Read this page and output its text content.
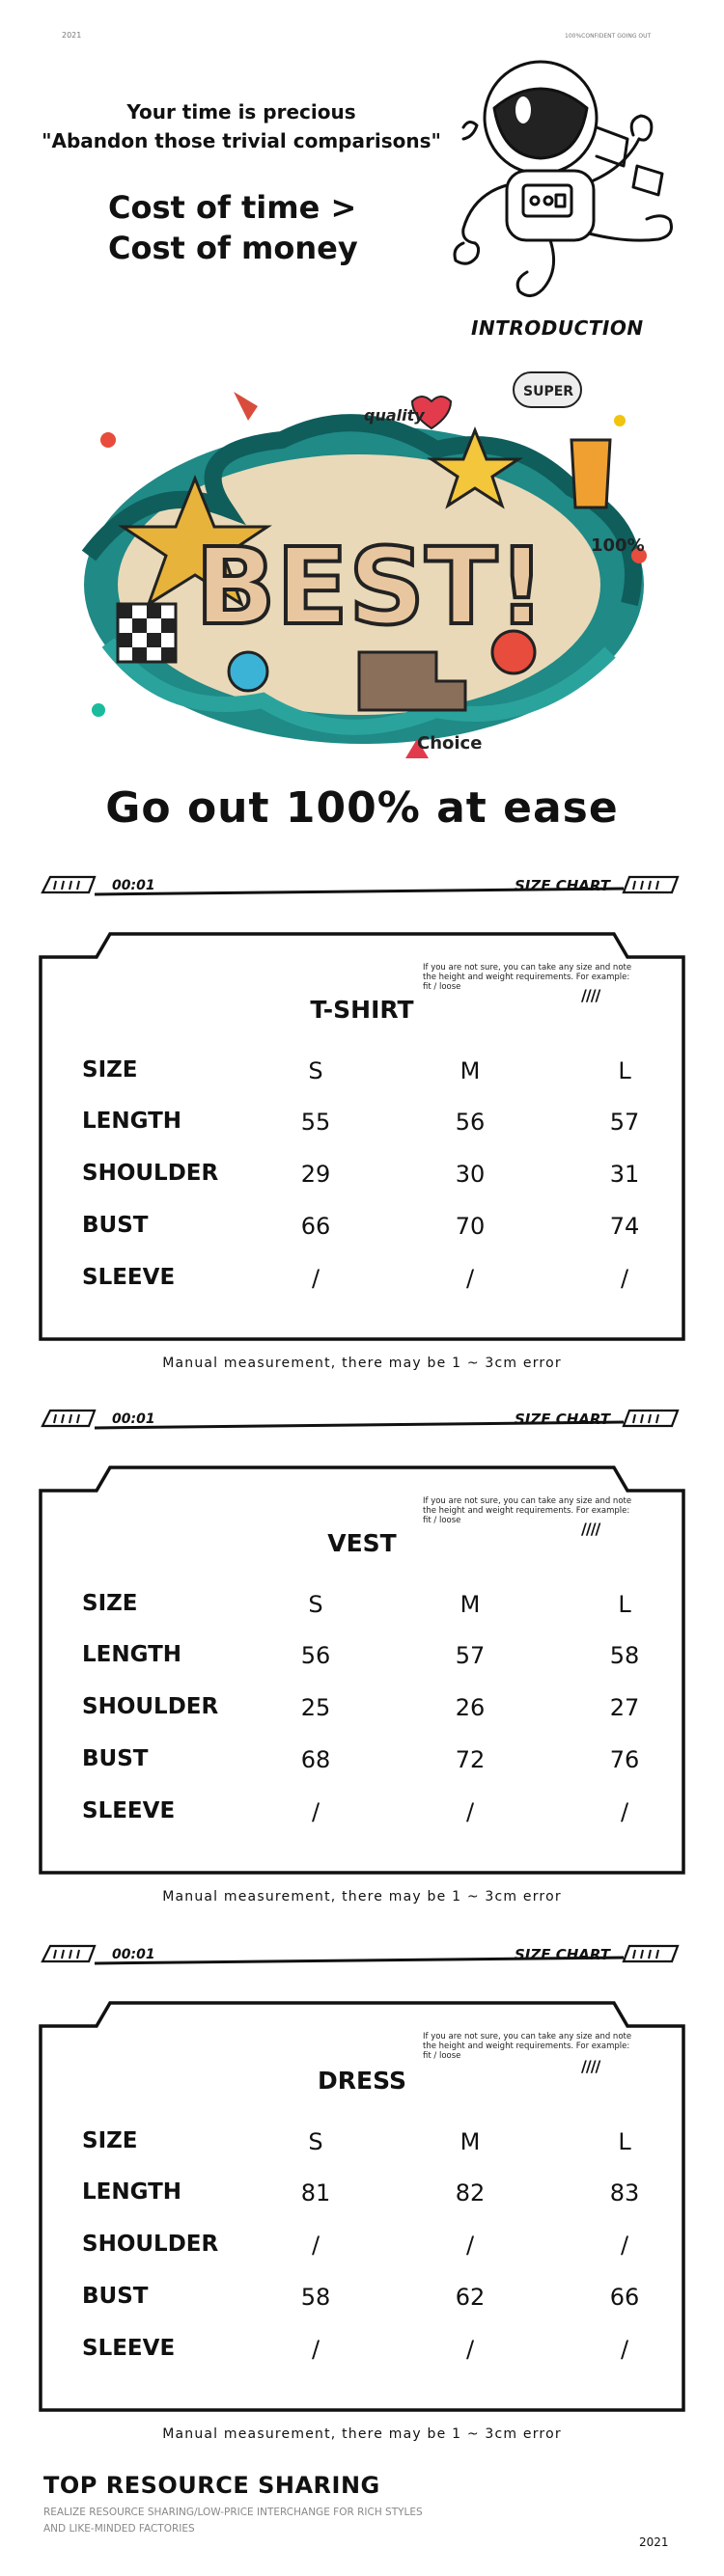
2021	100%CONFIDENT GOING OUT
Your time is precious
"Abandon those trivial comparisons"
Cost of time >
Cost of money
INTRODUCTION
quality
SUPER
BEST!	100%
Choice
Go out 100% at ease
00:01	SIZE CHART
If you are not sure, you can take any size and note the height and weight requirements. For example: fit / loose	////
T-SHIRT
SIZE	S	M	L
LENGTH	55	56	57
SHOULDER	29	30	31
BUST	66	70	74
SLEEVE	/	/	/
Manual measurement, there may be 1 ~ 3cm error
00:01	SIZE CHART
If you are not sure, you can take any size and note the height and weight requirements. For example: fit / loose	////
VEST
SIZE	S	M	L
LENGTH	56	57	58
SHOULDER	25	26	27
BUST	68	72	76
SLEEVE	/	/	/
Manual measurement, there may be 1 ~ 3cm error
00:01	SIZE CHART
If you are not sure, you can take any size and note the height and weight requirements. For example: fit / loose
////
DRESS
SIZE	S	M	L
LENGTH	81	82	83
SHOULDER	/	/	/
BUST	58	62	66
SLEEVE	/	/	/
Manual measurement, there may be 1 ~ 3cm error
TOP RESOURCE SHARING
REALIZE RESOURCE SHARING/LOW-PRICE INTERCHANGE FOR RICH STYLES AND LIKE-MINDED FACTORIES
2021
